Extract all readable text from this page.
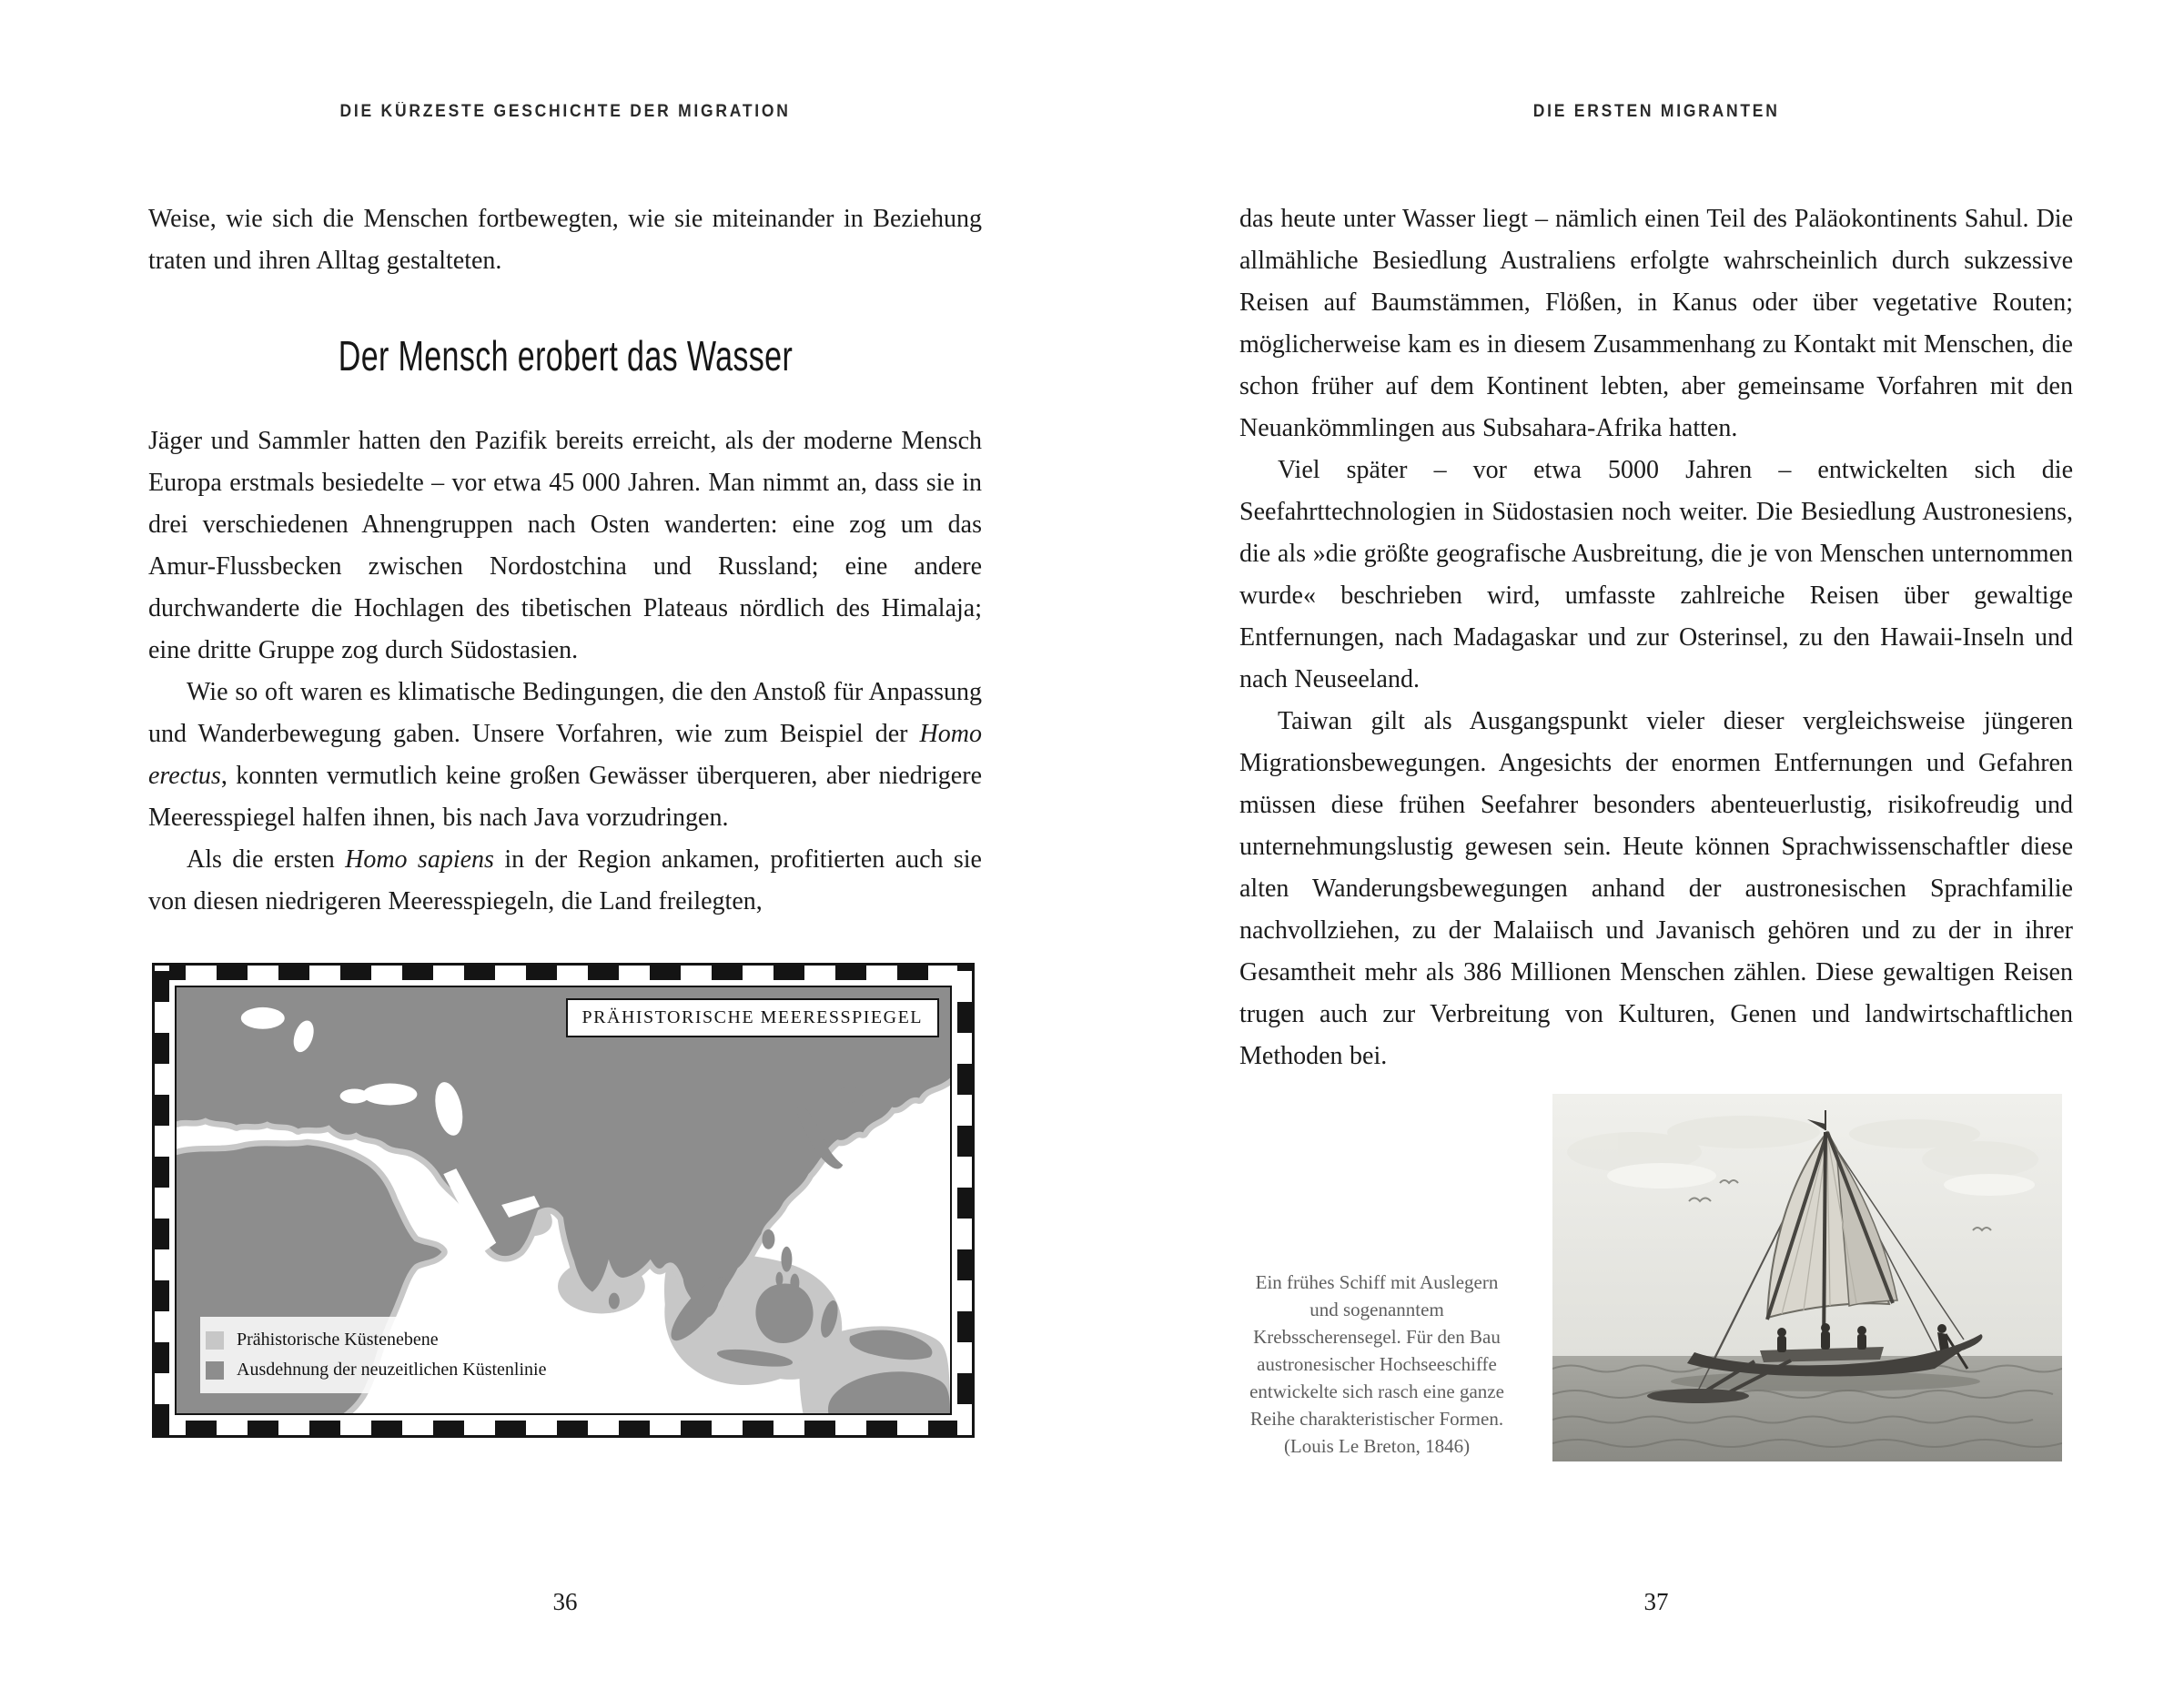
DIE KÜRZESTE GESCHICHTE DER MIGRATION

Weise, wie sich die Menschen fortbewegten, wie sie miteinander in Beziehung traten und ihren Alltag gestalteten.

Der Mensch erobert das Wasser

Jäger und Sammler hatten den Pazifik bereits erreicht, als der moderne Mensch Europa erstmals besiedelte – vor etwa 45 000 Jahren. Man nimmt an, dass sie in drei verschiedenen Ahnengruppen nach Osten wanderten: eine zog um das Amur-Flussbecken zwischen Nordostchina und Russland; eine andere durchwanderte die Hochlagen des tibetischen Plateaus nördlich des Himalaja; eine dritte Gruppe zog durch Südostasien.

Wie so oft waren es klimatische Bedingungen, die den Anstoß für Anpassung und Wanderbewegung gaben. Unsere Vorfahren, wie zum Beispiel der Homo erectus, konnten vermutlich keine großen Gewässer überqueren, aber niedrigere Meeresspiegel halfen ihnen, bis nach Java vorzudringen.

Als die ersten Homo sapiens in der Region ankamen, profitierten auch sie von diesen niedrigeren Meeresspiegeln, die Land freilegten,

PRÄHISTORISCHE MEERESSPIEGEL
Prähistorische Küstenebene
Ausdehnung der neuzeitlichen Küstenlinie
36
DIE ERSTEN MIGRANTEN

das heute unter Wasser liegt – nämlich einen Teil des Paläokontinents Sahul. Die allmähliche Besiedlung Australiens erfolgte wahrscheinlich durch sukzessive Reisen auf Baumstämmen, Flößen, in Kanus oder über vegetative Routen; möglicherweise kam es in diesem Zusammenhang zu Kontakt mit Menschen, die schon früher auf dem Kontinent lebten, aber gemeinsame Vorfahren mit den Neuankömmlingen aus Subsahara-Afrika hatten.

Viel später – vor etwa 5000 Jahren – entwickelten sich die Seefahrttechnologien in Südostasien noch weiter. Die Besiedlung Austronesiens, die als »die größte geografische Ausbreitung, die je von Menschen unternommen wurde« beschrieben wird, umfasste zahlreiche Reisen über gewaltige Entfernungen, nach Madagaskar und zur Osterinsel, zu den Hawaii-Inseln und nach Neuseeland.

Taiwan gilt als Ausgangspunkt vieler dieser vergleichsweise jüngeren Migrationsbewegungen. Angesichts der enormen Entfernungen und Gefahren müssen diese frühen Seefahrer besonders abenteuerlustig, risikofreudig und unternehmungslustig gewesen sein. Heute können Sprachwissenschaftler diese alten Wanderungsbewegungen anhand der austronesischen Sprachfamilie nachvollziehen, zu der Malaiisch und Javanisch gehören und zu der in ihrer Gesamtheit mehr als 386 Millionen Menschen zählen. Diese gewaltigen Reisen trugen auch zur Verbreitung von Kulturen, Genen und landwirtschaftlichen Methoden bei.

Ein frühes Schiff mit Auslegern und sogenanntem Krebsscherensegel. Für den Bau austronesischer Hochseeschiffe entwickelte sich rasch eine ganze Reihe charakteristischer Formen. (Louis Le Breton, 1846)
37
